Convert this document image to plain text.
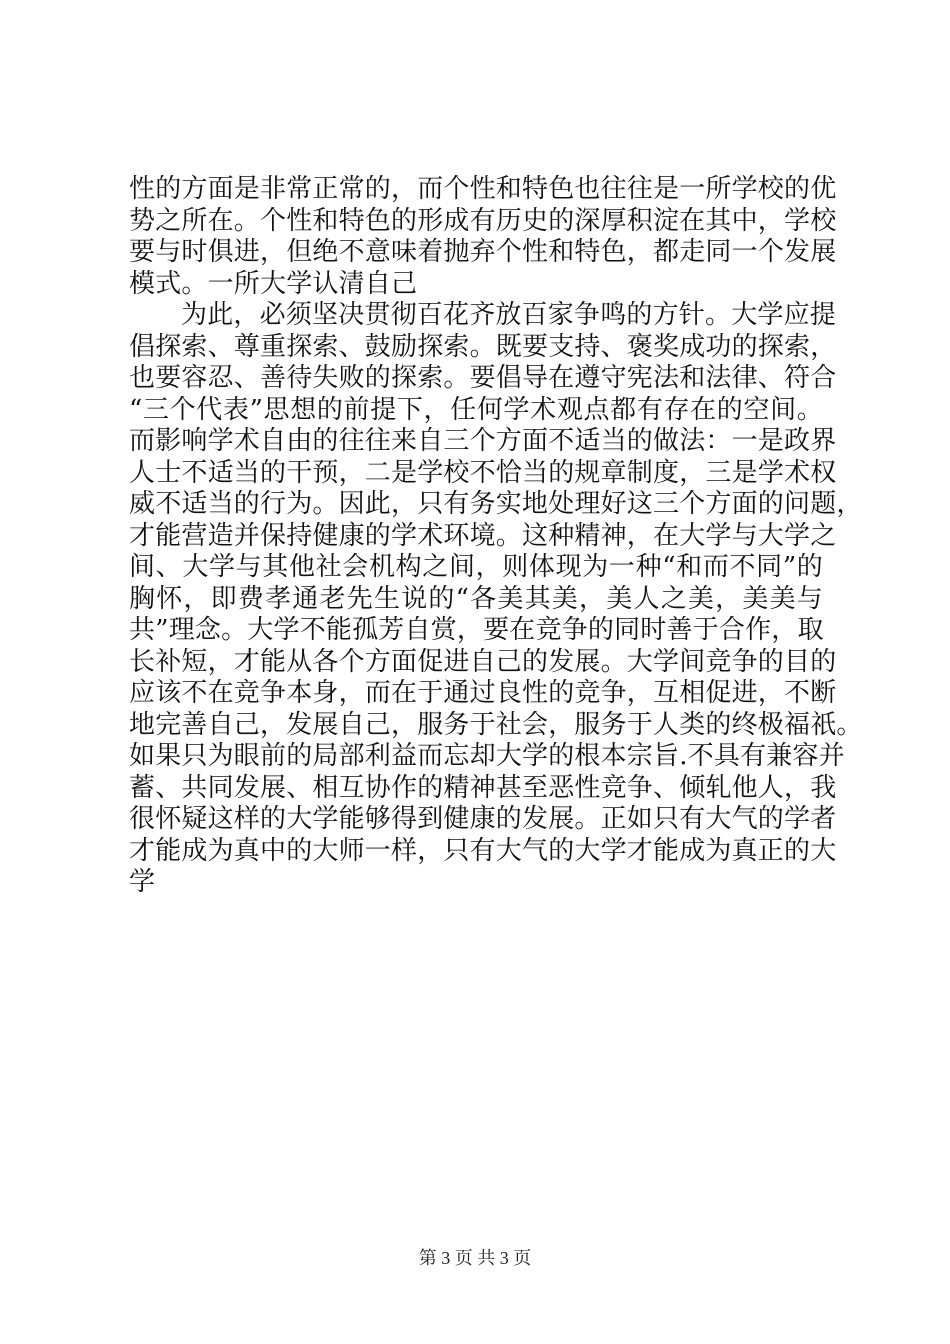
性的方面是非常正常的，而个性和特色也往往是一所学校的优
势之所在。个性和特色的形成有历史的深厚积淀在其中，学校
要与时俱进，但绝不意味着抛弃个性和特色，都走同一个发展
模式。一所大学认清自己
为此，必须坚决贯彻百花齐放百家争鸣的方针。大学应提
倡探索、尊重探索、鼓励探索。既要支持、褒奖成功的探索，
也要容忍、善待失败的探索。要倡导在遵守宪法和法律、符合
“三个代表”思想的前提下，任何学术观点都有存在的空间。
而影响学术自由的往往来自三个方面不适当的做法：一是政界
人士不适当的干预，二是学校不恰当的规章制度，三是学术权
威不适当的行为。因此，只有务实地处理好这三个方面的问题，
才能营造并保持健康的学术环境。这种精神，在大学与大学之
间、大学与其他社会机构之间，则体现为一种“和而不同”的
胸怀，即费孝通老先生说的“各美其美，美人之美，美美与
共”理念。大学不能孤芳自赏，要在竞争的同时善于合作，取
长补短，才能从各个方面促进自己的发展。大学间竞争的目的
应该不在竞争本身，而在于通过良性的竞争，互相促进，不断
地完善自己，发展自己，服务于社会，服务于人类的终极福祇。
如果只为眼前的局部利益而忘却大学的根本宗旨.不具有兼容并
蓄、共同发展、相互协作的精神甚至恶性竞争、倾轧他人，我
很怀疑这样的大学能够得到健康的发展。正如只有大气的学者
才能成为真中的大师一样，只有大气的大学才能成为真正的大
学
第 3 页 共 3 页
